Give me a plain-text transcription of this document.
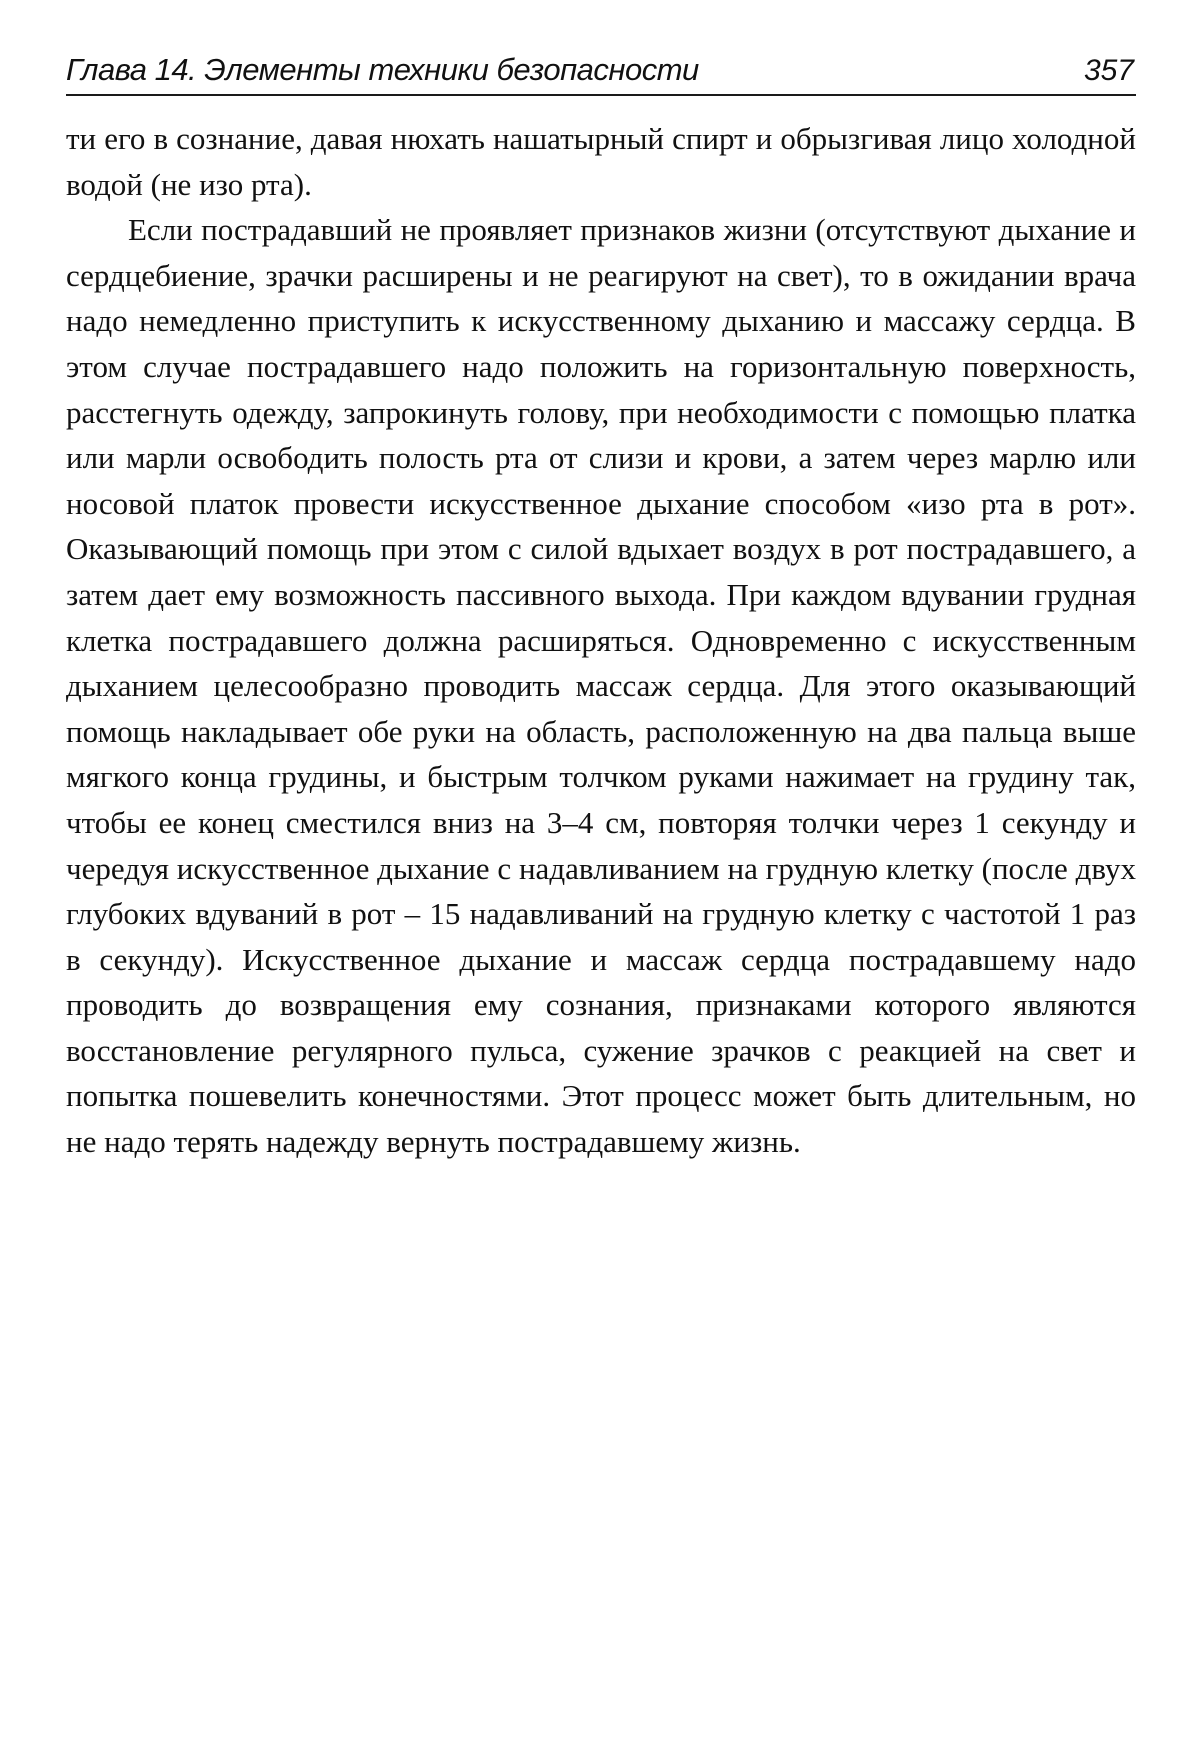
Глава 14. Элементы техники безопасности	357

ти его в сознание, давая нюхать нашатырный спирт и обрызгивая лицо холодной водой (не изо рта).

Если пострадавший не проявляет признаков жизни (отсутствуют дыхание и сердцебиение, зрачки расширены и не реагируют на свет), то в ожидании врача надо немедленно приступить к искусственному дыханию и массажу сердца. В этом случае пострадавшего надо положить на горизонтальную поверхность, расстегнуть одежду, запрокинуть голову, при необходимости с помощью платка или марли освободить полость рта от слизи и крови, а затем через марлю или носовой платок провести искусственное дыхание способом «изо рта в рот». Оказывающий помощь при этом с силой вдыхает воздух в рот пострадавшего, а затем дает ему возможность пассивного выхода. При каждом вдувании грудная клетка пострадавшего должна расширяться. Одновременно с искусственным дыханием целесообразно проводить массаж сердца. Для этого оказывающий помощь накладывает обе руки на область, расположенную на два пальца выше мягкого конца грудины, и быстрым толчком руками нажимает на грудину так, чтобы ее конец сместился вниз на 3–4 см, повторяя толчки через 1 секунду и чередуя искусственное дыхание с надавливанием на грудную клетку (после двух глубоких вдуваний в рот – 15 надавливаний на грудную клетку с частотой 1 раз в секунду). Искусственное дыхание и массаж сердца пострадавшему надо проводить до возвращения ему сознания, признаками которого являются восстановление регулярного пульса, сужение зрачков с реакцией на свет и попытка пошевелить конечностями. Этот процесс может быть длительным, но не надо терять надежду вернуть пострадавшему жизнь.
